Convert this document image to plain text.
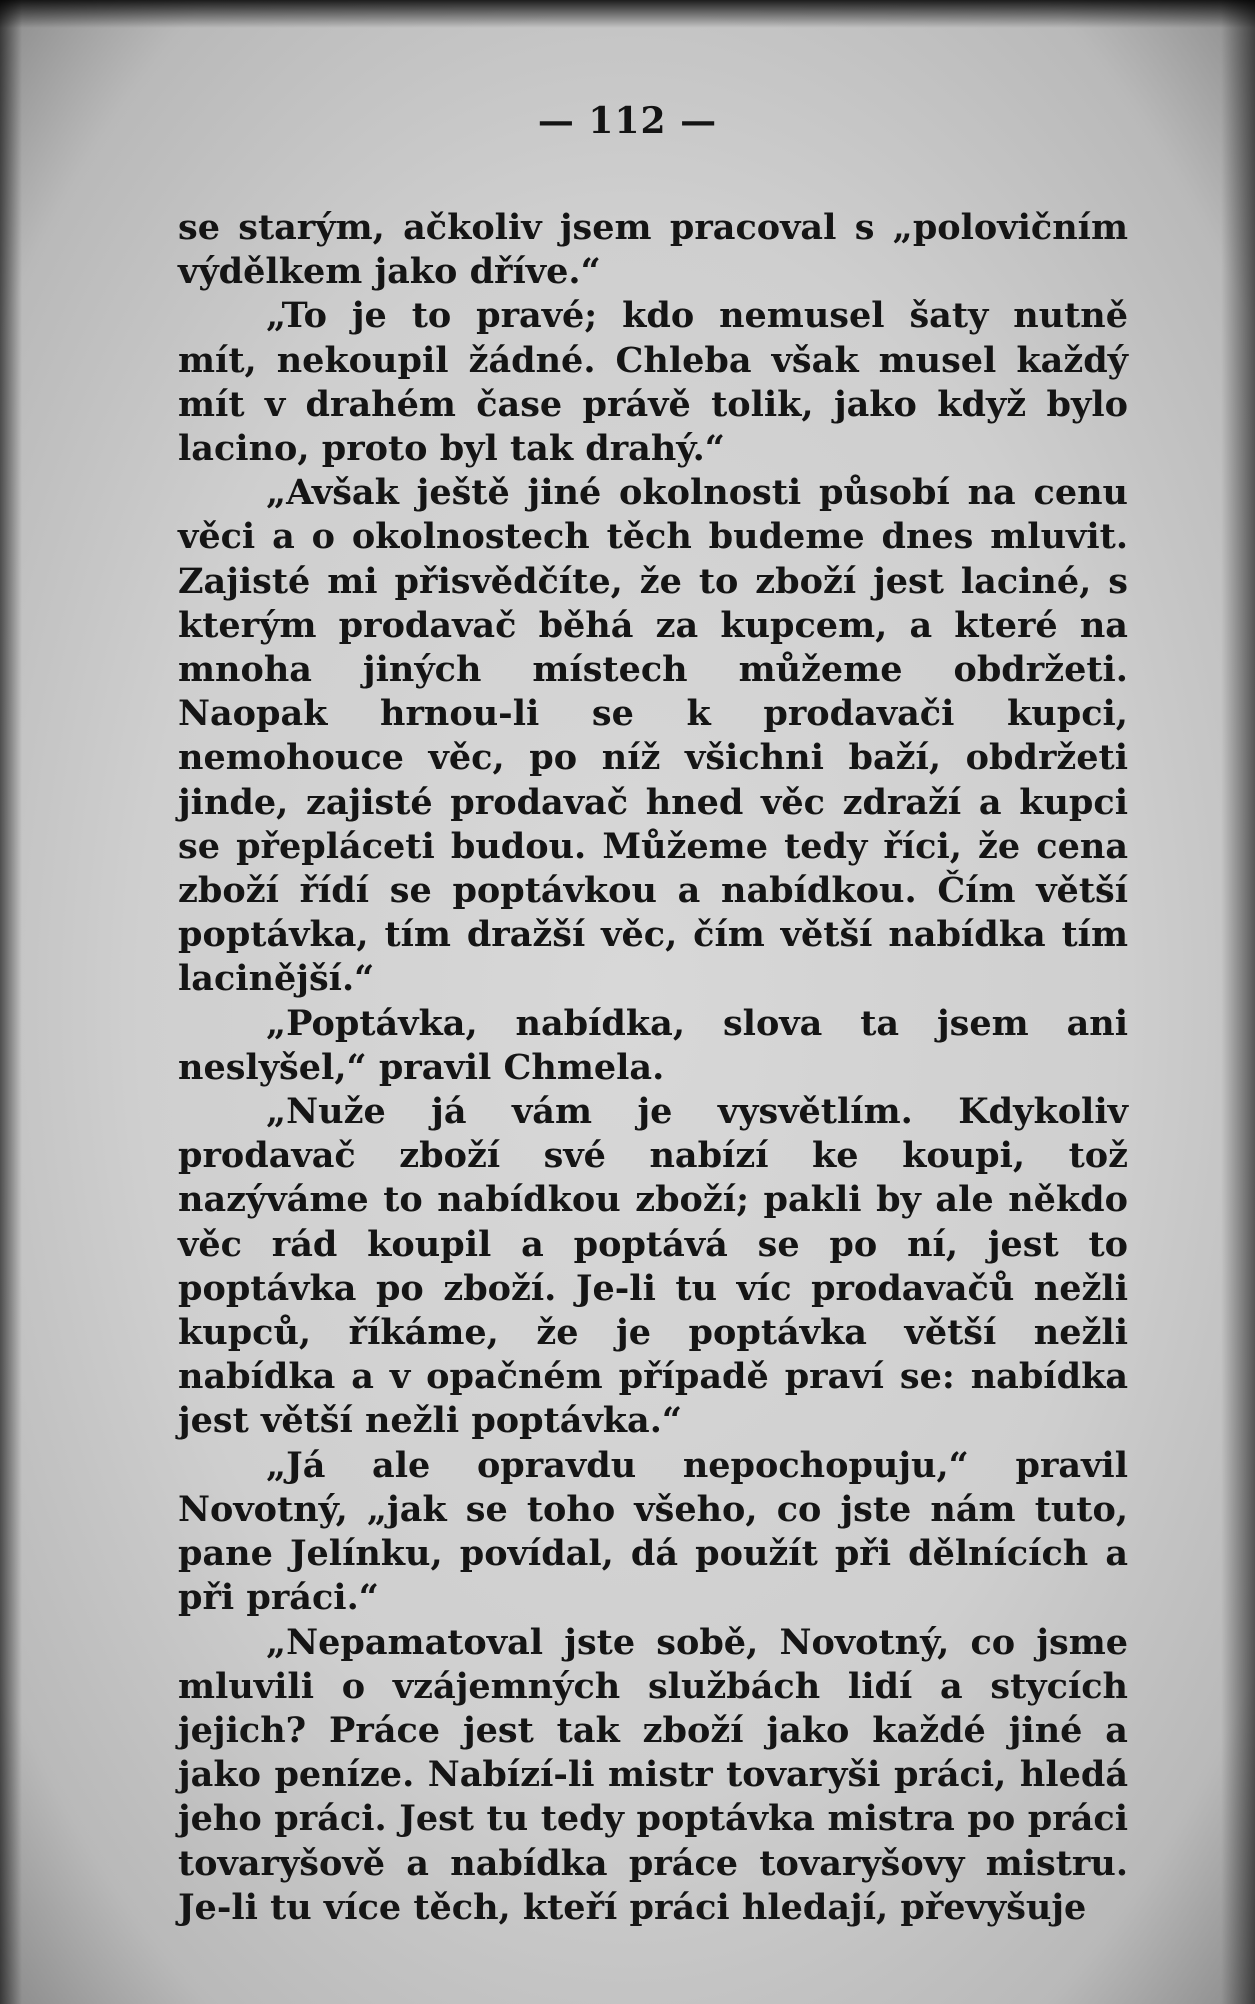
— 112 —

se starým, ačkoliv jsem pracoval s „polovičním výdělkem jako dříve.“

„To je to pravé; kdo nemusel šaty nutně mít, nekoupil žádné. Chleba však musel každý mít v drahém čase právě tolik, jako když bylo lacino, proto byl tak drahý.“

„Avšak ještě jiné okolnosti působí na cenu věci a o okolnostech těch budeme dnes mluvit. Zajisté mi přisvědčíte, že to zboží jest laciné, s kterým prodavač běhá za kupcem, a které na mnoha jiných místech můžeme obdržeti. Naopak hrnou-li se k prodavači kupci, nemohouce věc, po níž všichni baží, obdržeti jinde, zajisté prodavač hned věc zdraží a kupci se přepláceti budou. Můžeme tedy říci, že cena zboží řídí se poptávkou a nabídkou. Čím větší poptávka, tím dražší věc, čím větší nabídka tím lacinější.“

„Poptávka, nabídka, slova ta jsem ani neslyšel,“ pravil Chmela.

„Nuže já vám je vysvětlím. Kdykoliv prodavač zboží své nabízí ke koupi, tož nazýváme to nabídkou zboží; pakli by ale někdo věc rád koupil a poptává se po ní, jest to poptávka po zboží. Je-li tu víc prodavačů nežli kupců, říkáme, že je poptávka větší nežli nabídka a v opačném případě praví se: nabídka jest větší nežli poptávka.“

„Já ale opravdu nepochopuju,“ pravil Novotný, „jak se toho všeho, co jste nám tuto, pane Jelínku, povídal, dá použít při dělnících a při práci.“

„Nepamatoval jste sobě, Novotný, co jsme mluvili o vzájemných službách lidí a stycích jejich? Práce jest tak zboží jako každé jiné a jako peníze. Nabízí-li mistr tovaryši práci, hledá jeho práci. Jest tu tedy poptávka mistra po práci tovaryšově a nabídka práce tovaryšovy mistru. Je-li tu více těch, kteří práci hledají, převyšuje
